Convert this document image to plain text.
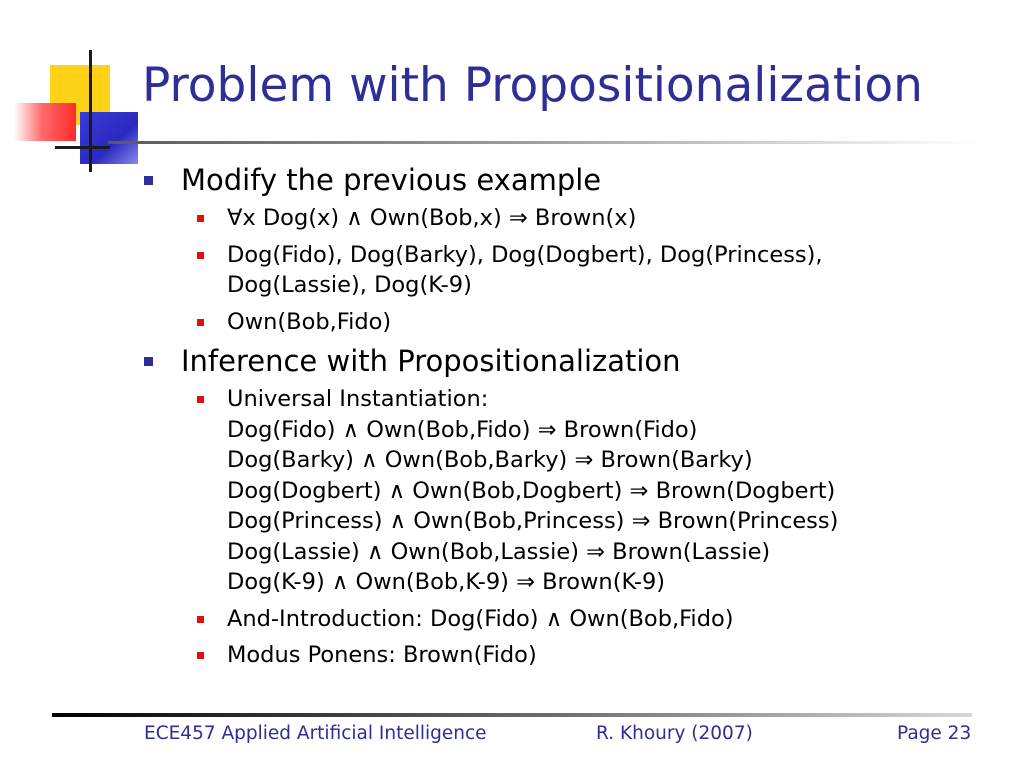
Problem with Propositionalization
Modify the previous example
∀x Dog(x) ∧ Own(Bob,x) ⇒ Brown(x)
Dog(Fido), Dog(Barky), Dog(Dogbert), Dog(Princess),
Dog(Lassie), Dog(K-9)
Own(Bob,Fido)
Inference with Propositionalization
Universal Instantiation:
Dog(Fido) ∧ Own(Bob,Fido) ⇒ Brown(Fido)
Dog(Barky) ∧ Own(Bob,Barky) ⇒ Brown(Barky)
Dog(Dogbert) ∧ Own(Bob,Dogbert) ⇒ Brown(Dogbert)
Dog(Princess) ∧ Own(Bob,Princess) ⇒ Brown(Princess)
Dog(Lassie) ∧ Own(Bob,Lassie) ⇒ Brown(Lassie)
Dog(K-9) ∧ Own(Bob,K-9) ⇒ Brown(K-9)
And-Introduction: Dog(Fido) ∧ Own(Bob,Fido)
Modus Ponens: Brown(Fido)
ECE457 Applied Artificial Intelligence	R. Khoury (2007)	Page 23
